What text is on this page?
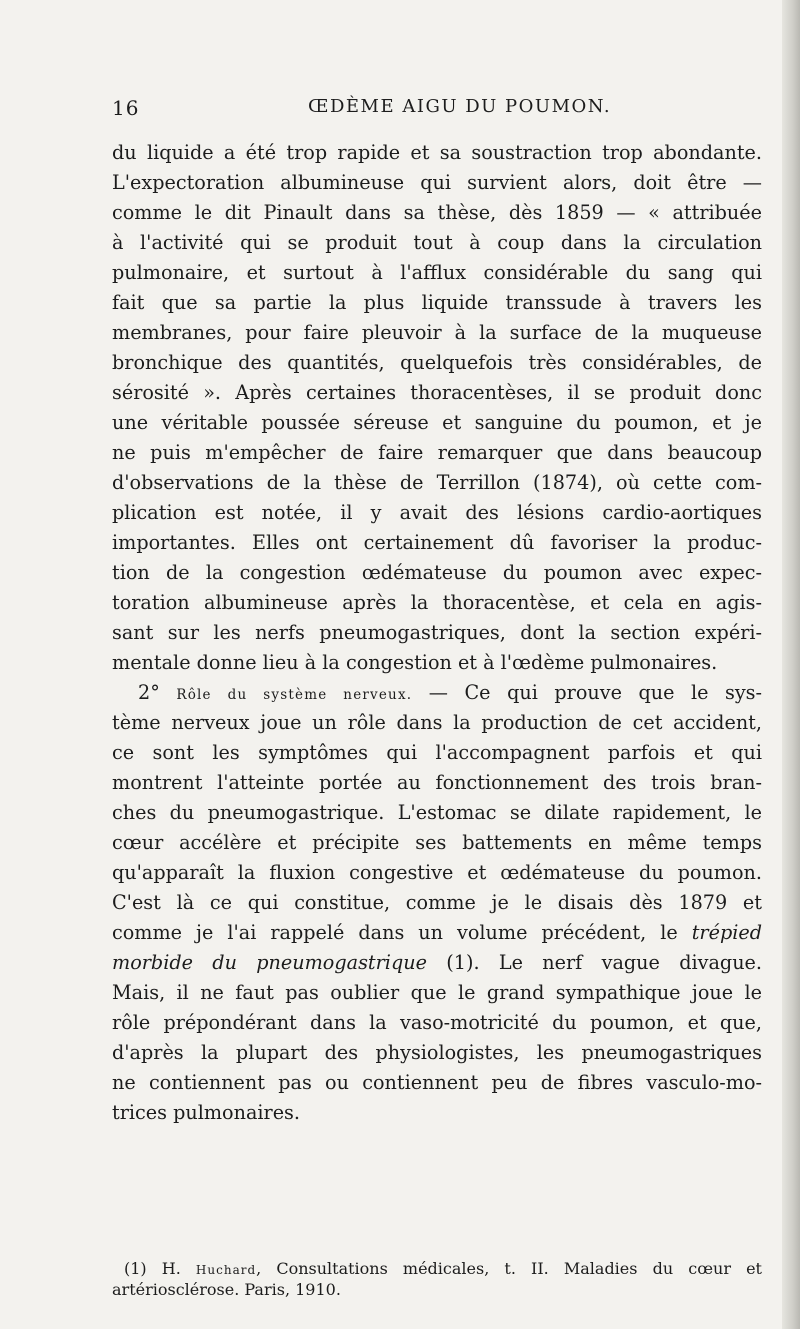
16	ŒDÈME AIGU DU POUMON.
du liquide a été trop rapide et sa soustraction trop abondante.
L'expectoration albumineuse qui survient alors, doit être —
comme le dit Pinault dans sa thèse, dès 1859 — « attribuée
à l'activité qui se produit tout à coup dans la circulation
pulmonaire, et surtout à l'afflux considérable du sang qui
fait que sa partie la plus liquide transsude à travers les
membranes, pour faire pleuvoir à la surface de la muqueuse
bronchique des quantités, quelquefois très considérables, de
sérosité ». Après certaines thoracentèses, il se produit donc
une véritable poussée séreuse et sanguine du poumon, et je
ne puis m'empêcher de faire remarquer que dans beaucoup
d'observations de la thèse de Terrillon (1874), où cette com-
plication est notée, il y avait des lésions cardio-aortiques
importantes. Elles ont certainement dû favoriser la produc-
tion de la congestion œdémateuse du poumon avec expec-
toration albumineuse après la thoracentèse, et cela en agis-
sant sur les nerfs pneumogastriques, dont la section expéri-
mentale donne lieu à la congestion et à l'œdème pulmonaires.
2° Rôle du système nerveux. — Ce qui prouve que le sys-
tème nerveux joue un rôle dans la production de cet accident,
ce sont les symptômes qui l'accompagnent parfois et qui
montrent l'atteinte portée au fonctionnement des trois bran-
ches du pneumogastrique. L'estomac se dilate rapidement, le
cœur accélère et précipite ses battements en même temps
qu'apparaît la fluxion congestive et œdémateuse du poumon.
C'est là ce qui constitue, comme je le disais dès 1879 et
comme je l'ai rappelé dans un volume précédent, le trépied
morbide du pneumogastrique (1). Le nerf vague divague.
Mais, il ne faut pas oublier que le grand sympathique joue le
rôle prépondérant dans la vaso-motricité du poumon, et que,
d'après la plupart des physiologistes, les pneumogastriques
ne contiennent pas ou contiennent peu de fibres vasculo-mo-
trices pulmonaires.
(1) H. Huchard, Consultations médicales, t. II. Maladies du cœur et
artériosclérose. Paris, 1910.
